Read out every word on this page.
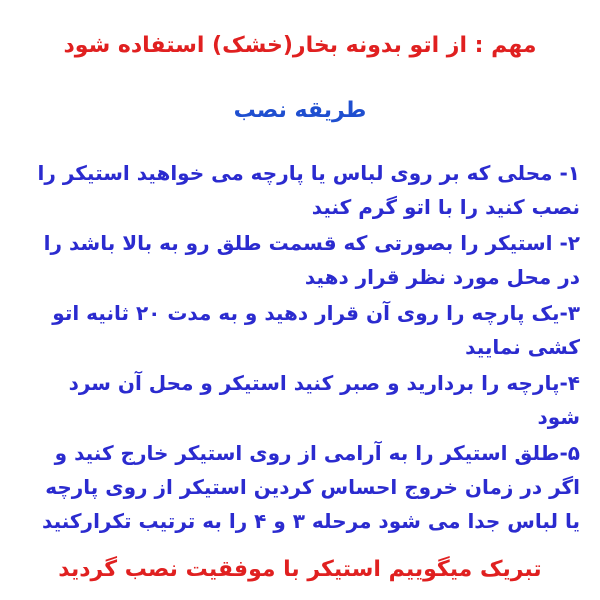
مهم : از اتو بدونه بخار(خشک) استفاده شود
طریقه نصب
۱- محلی که بر روی لباس یا پارچه می خواهید استیکر را نصب کنید را با اتو گرم کنید
۲- استیکر را بصورتی که قسمت طلق رو به بالا باشد را در محل مورد نظر قرار دهید
۳-یک پارچه را روی آن قرار دهید و به مدت ۲۰ ثانیه اتو کشی نمایید
۴-پارچه را بردارید و صبر کنید استیکر و محل آن سرد شود
۵-طلق استیکر را به آرامی از روی استیکر خارج کنید و اگر در زمان خروج احساس کردین استیکر از روی پارچه یا لباس جدا می شود مرحله ۳ و ۴ را به ترتیب تکرارکنید
تبریک میگوییم استیکر با موفقیت نصب گردید
